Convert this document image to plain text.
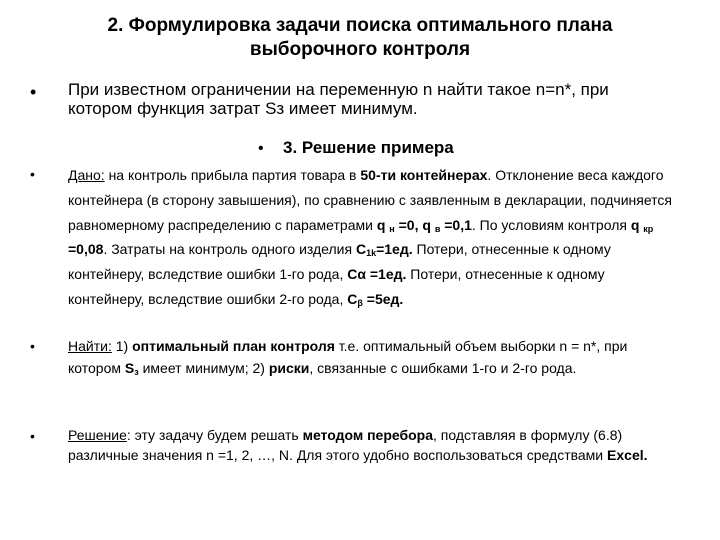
2. Формулировка задачи поиска оптимального плана
выборочного контроля
• При известном ограничении на переменную n найти такое n=n*, при котором функция затрат Sз имеет минимум.
• 3. Решение примера
• Дано: на контроль прибыла партия товара в 50-ти контейнерах. Отклонение веса каждого контейнера (в сторону завышения), по сравнению с заявленным в декларации, подчиняется равномерному распределению с параметрами q $_н$ =0, q $_в$ =0,1. По условиям контроля q $_{кр}$ =0,08. Затраты на контроль одного изделия $С_{1k}=1ед$. Потери, отнесенные к одному контейнеру, вследствие ошибки 1-го рода, Сα =1ед. Потери, отнесенные к одному контейнеру, вследствие ошибки 2-го рода, $С_\beta =5ед$.
• Найти: 1) оптимальный план контроля т.е. оптимальный объем выборки n = n*, при котором $S_з$ имеет минимум; 2) риски, связанные с ошибками 1-го и 2-го рода.
• Решение: эту задачу будем решать методом перебора, подставляя в формулу (6.8) различные значения n =1, 2, …, N. Для этого удобно воспользоваться средствами Excel.
